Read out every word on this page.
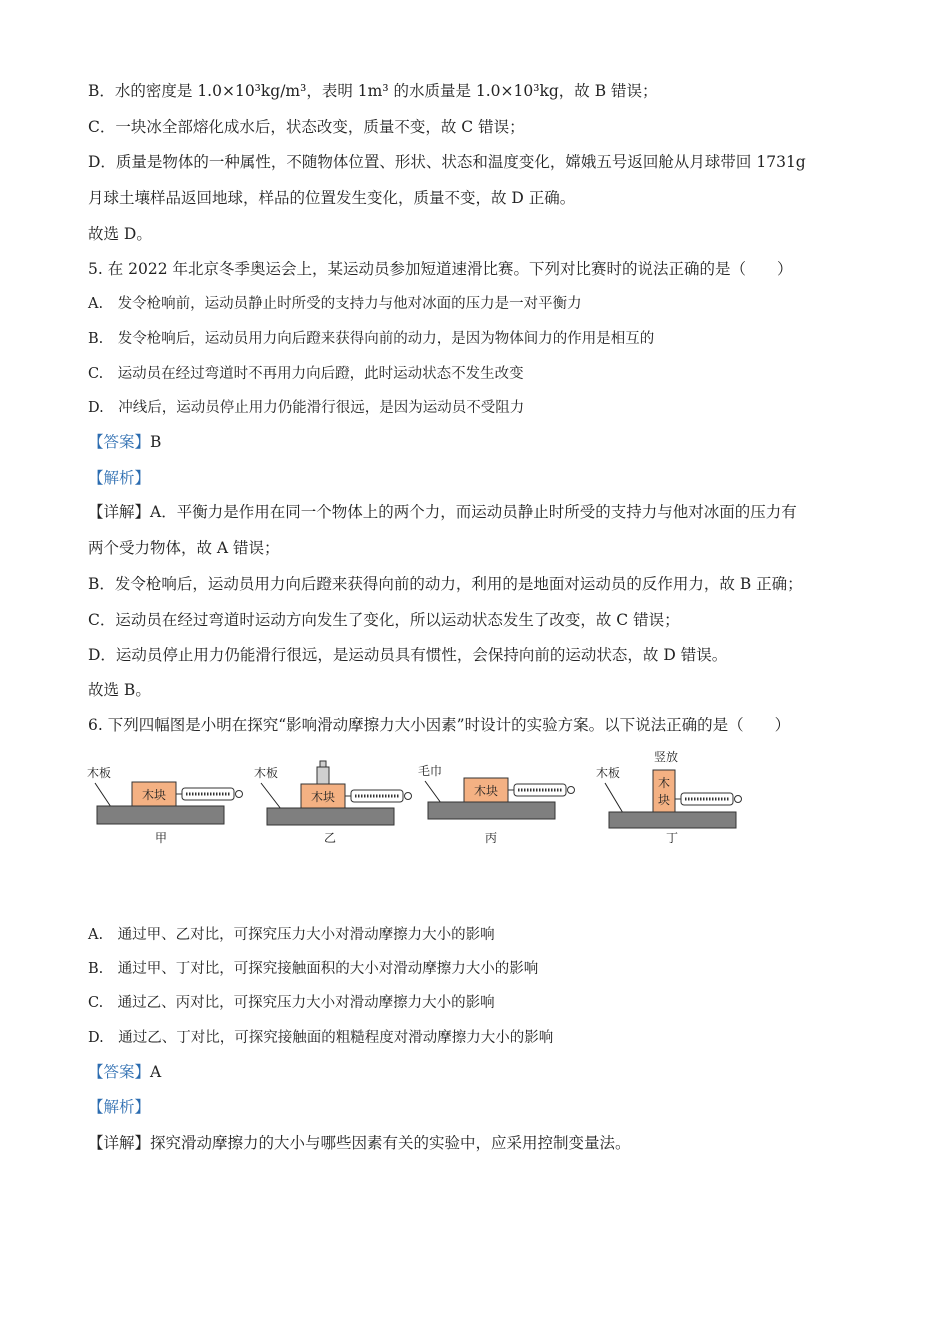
B．水的密度是 1.0×10³kg/m³，表明 1m³ 的水质量是 1.0×10³kg，故 B 错误；
C．一块冰全部熔化成水后，状态改变，质量不变，故 C 错误；
D．质量是物体的一种属性，不随物体位置、形状、状态和温度变化，嫦娥五号返回舱从月球带回 1731g
月球土壤样品返回地球，样品的位置发生变化，质量不变，故 D 正确。
故选 D。
5. 在 2022 年北京冬季奥运会上，某运动员参加短道速滑比赛。下列对比赛时的说法正确的是（　　）
A.　发令枪响前，运动员静止时所受的支持力与他对冰面的压力是一对平衡力
B.　发令枪响后，运动员用力向后蹬来获得向前的动力，是因为物体间力的作用是相互的
C.　运动员在经过弯道时不再用力向后蹬，此时运动状态不发生改变
D.　冲线后，运动员停止用力仍能滑行很远，是因为运动员不受阻力
【答案】B
【解析】
【详解】A．平衡力是作用在同一个物体上的两个力，而运动员静止时所受的支持力与他对冰面的压力有
两个受力物体，故 A 错误；
B．发令枪响后，运动员用力向后蹬来获得向前的动力，利用的是地面对运动员的反作用力，故 B 正确；
C．运动员在经过弯道时运动方向发生了变化，所以运动状态发生了改变，故 C 错误；
D．运动员停止用力仍能滑行很远，是运动员具有惯性，会保持向前的运动状态，故 D 错误。
故选 B。
6. 下列四幅图是小明在探究“影响滑动摩擦力大小因素”时设计的实验方案。以下说法正确的是（　　）
木板
木块
甲
木板
木块
乙
毛巾
木块
丙
竖放
木板
木
块
丁
A.　通过甲、乙对比，可探究压力大小对滑动摩擦力大小的影响
B.　通过甲、丁对比，可探究接触面积的大小对滑动摩擦力大小的影响
C.　通过乙、丙对比，可探究压力大小对滑动摩擦力大小的影响
D.　通过乙、丁对比，可探究接触面的粗糙程度对滑动摩擦力大小的影响
【答案】A
【解析】
【详解】探究滑动摩擦力的大小与哪些因素有关的实验中，应采用控制变量法。
